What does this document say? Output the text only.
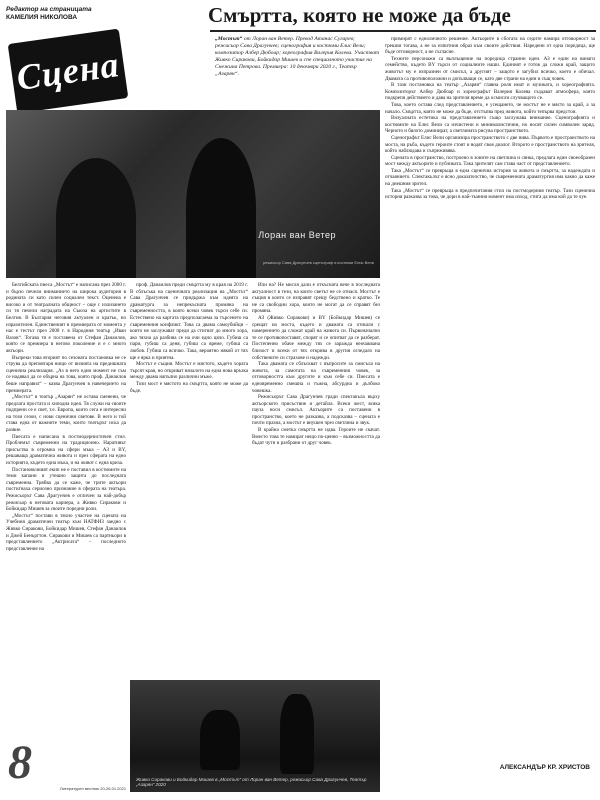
Редактор на страницата
КАМЕЛИЯ НИКОЛОВА	Смъртта, която не може да бъде
Сцена
„Мостът“ от Лоран ван Ветер. Превод Атанас Сугарев; режисьор Сава Драгунчев; сценография и костюми Елис Вели; композитор Албер Дюбоар; хореография Валерия Колева. Участват Живко Сиракови, Бойкидар Мишев и спе специалното участие на Снежина Петрова. Премиера: 10 декември 2020 г., Театър „Азарян“.
Лоран ван Ветер
режисьор Сава Драгунчев сценограф и костюми Елис Вели

Белгийската пиеса „Мостът“ е написана през 2000 г. и бързо печели вниманието на широка аудитория в родината си като силен социален текст. Оценена е високо и от театралната общност – още с излизането си тя печели наградата на Съюза на артистите в Белгия. В България неговия актуален и кратък, но изразителен. Единственият в премиерата от момента у нас е тестът през 2008 г. в Народния театър „Иван Вазов“. Тогава тя е поставена от Стефан Данаилов, която се премиера в негово поколение и е с много актьори.

Въпреки това вторият по сезоната постановка не се струва да преповтаря нищо от визията на предишната сценична реализация. „Аз в него един момент не съм се надявал да се обърна на това, която проф. Данаилов беше направил“ – казва Драгунчев в навечерието на премиерата.

„Мостът“ в театър „Азарян“ не остава сменени, че предлага простата и хиподна идея. Тя служи на своите подпрени се е свет, т.е. Европа, които сега е интересни на този сезон, с нови сценични светове. В него и той става една от важните теми, които театърът иска да развие.

Пиесата е написана в постмодернистичен стил. Проблемът съвременни на традиционно. Наративът присъства в огромна на сфери мъка – АЗ и BY, решаваща драматична живота и през сферата на едно историята, където една мъка, и на живот с една криза.

Постановъчният екип не е поставил в костюмите на теми капани и утешно защита до последната съвременна. Трябва да се каже, че трите актьори постигнаха сериозно признание в сферата на театъра. Режисьорът Сава Драгунчев е отличен за най-добър режисьор в неговата кариера, а Живко Сиракови и Бойкидар Мишев за своите поредни роли.

„Мостът“ постави в тяхно участие на сцената на Учебния драматичен театър към НАТФИЗ заедно с Живко Сиракови, Бойкидар Мишев, Стефан Данаилов и Джей Бенъргтон. Сиракови и Мишев са партньори в представлението „Актрисата“ – последното представление на

проф. Данаилов преди смъртта му в края на 2019 г. В сблъсъка на сценичната реализация на „Мостът“ Сава Драгунчев се придържа към идеята на драматурга за непрекъсната промяна на съвременността, в която всеки човек търси себе си. Естествено на картата предполагаема за търсенето на съвременния конфликт. Това са двама самоубийци – които не заслужават преди да стигнат до много хора, ако тяхна да разбива се на очи едно цяло. Губиш са пари, губиш са деня, губиш са време, губиш са любов. Губиш са всичко. Така, вероятно някой от тях ще е ярка и приятна.

Мостът е същия. Мостът е мястото, където хората търсят края, но откриват началото на една нова връзка между двама напълно различни мъже.

Този мост е мястото на смъртта, която не може да бъде.

Или на? Не мисля дали е откъсната вече в последната актуалност в тези, на които светът не се отнася. Мостът е същия в които се изправят срещу бедствено и кратко. Те не са свободни хора, които не могат да се справят без промяна.

АЗ (Живко Сиракови) и BY (Бойкидар Мишев) се срещат на моста, където и двамата са отишли с намерението да сложат край на живота си. Първоначално те се противопоставят, спорят и се опитват да се разберат. Постепенно обаче между тях се заражда неочаквана близост и всеки от тях открива в другия огледало на собствените си страхове и надежди.

Така двамата се сблъскват с въпросите за смисъла на живота, за самотата на съвременния човек, за отговорността към другите и към себе си. Пиесата е едновременно смешна и тъжна, абсурдна и дълбоко човешка.

Режисьорът Сава Драгунчев гради спектакъла върху актьорското присъствие и детайла. Всеки жест, всяка пауза носи смисъл. Актьорите са поставени в пространство, което не разказва, а подсказва – сцената е почти празна, а мостът е внушен чрез светлина и звук.

В крайна сметка смъртта не идва. Героите не скачат. Вместо това те намират нещо по-ценно – възможността да бъдат чути и разбрани от друг човек.

примирят с едноличното решение. Актьорите в сбогата на седите намира отговорност за грешни тогава, а не за изпитния образ към своите действия. Наредени от една поредица, ще бъде отговорност, а не съгласие.

Техните персонажи са въплъщение на поредица странни идеи. АЗ е един на винаги семейство, където BY търси от социалните наши. Единият е готов да сложи край, защото животът му е изпразнен от смисъл, а другият – защото е загубил всичко, което е обичал. Двамата са противоположни и допълващи се, като две страни на един и същ човек.

В тази постановка на театър „Азарян“ главна роля имат и музиката, и хореографията. Композиторът Албер Дюбоар и хореографът Валерия Колева създават атмосфера, която подкрепя действието и дава на зрителя време да осмисли случващото се.

Това, което остава след представлението, е усещането, че мостът не е място за край, а за начало. Смъртта, която не може да бъде, отстъпва пред живота, който тепърва предстои.

Визуалната естетика на представлението също заслужава внимание. Сценографията и костюмите на Елис Вели са изчистени и минималистични, но носят силен символен заряд. Черното и бялото доминират, а светлината рисува пространството.

Сценографът Елис Вели организира пространството с две нива. Първото е пространството на моста, на ръба, където героите стоят и водят своя диалог. Второто е пространството на зрителя, който наблюдава и съпреживява.

Сцената в пространство, построено в зоните на светлина и сянка, предлага един своеобразен мост между актьорите и публиката. Така зрителят сам става част от представлението.

Така „Мостът“ се превръща в една сценична история за живота и смъртта, за надеждата и отчаянието. Спектакълът е ясно доказателство, че съвременната драматургия има какво да каже на днешния зрител.

Така „Мостът“ се превръща в предпочитания стил на постмодерния театър. Тази сценична история разказва за това, че дори в най-тъмния момент има изход, стига да има кой да те чуе.

Живко Сиракови и Бойкидар Мишев в „Мостът“ от Лоран ван Ветер, режисьор Сава Драгунчев, Театър „Азарян“ 2020
8	Литературен вестник 20-26.01.2021
АЛЕКСАНДЪР КР. ХРИСТОВ
